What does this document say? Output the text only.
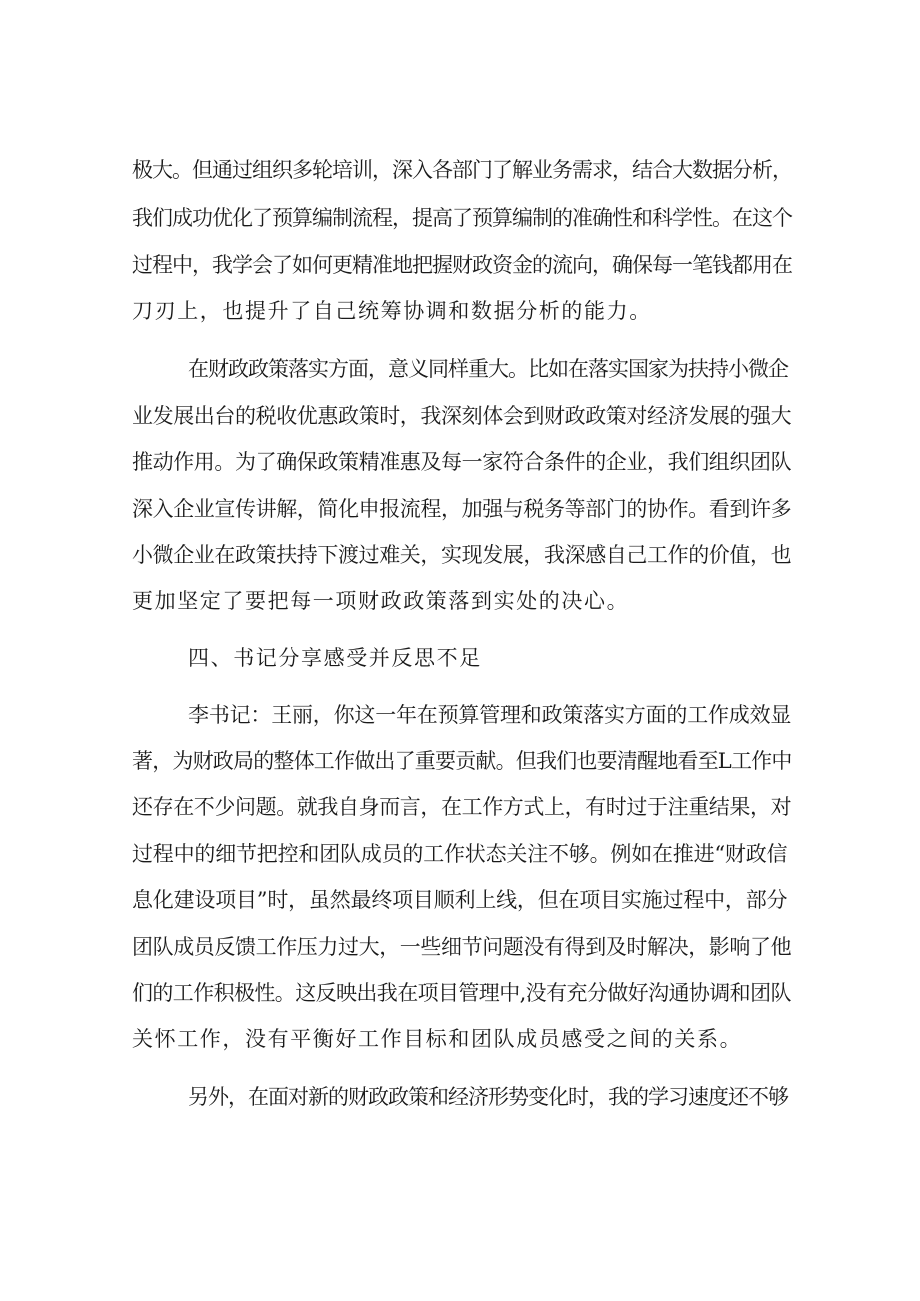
极大。但通过组织多轮培训，深入各部门了解业务需求，结合大数据分析，
我们成功优化了预算编制流程，提高了预算编制的准确性和科学性。在这个
过程中，我学会了如何更精准地把握财政资金的流向，确保每一笔钱都用在
刀刃上，也提升了自己统筹协调和数据分析的能力。
在财政政策落实方面，意义同样重大。比如在落实国家为扶持小微企
业发展出台的税收优惠政策时，我深刻体会到财政政策对经济发展的强大
推动作用。为了确保政策精准惠及每一家符合条件的企业，我们组织团队
深入企业宣传讲解，简化申报流程，加强与税务等部门的协作。看到许多
小微企业在政策扶持下渡过难关，实现发展，我深感自己工作的价值，也
更加坚定了要把每一项财政政策落到实处的决心。
四、书记分享感受并反思不足
李书记：王丽，你这一年在预算管理和政策落实方面的工作成效显
著，为财政局的整体工作做出了重要贡献。但我们也要清醒地看至L工作中
还存在不少问题。就我自身而言，在工作方式上，有时过于注重结果，对
过程中的细节把控和团队成员的工作状态关注不够。例如在推进“财政信
息化建设项目”时，虽然最终项目顺利上线，但在项目实施过程中，部分
团队成员反馈工作压力过大，一些细节问题没有得到及时解决，影响了他
们的工作积极性。这反映出我在项目管理中,没有充分做好沟通协调和团队
关怀工作，没有平衡好工作目标和团队成员感受之间的关系。
另外，在面对新的财政政策和经济形势变化时，我的学习速度还不够
